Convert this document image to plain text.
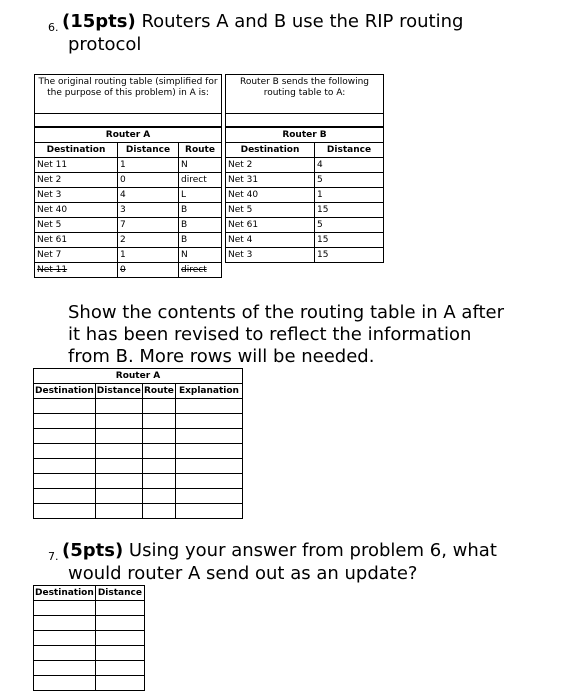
6. (15pts) Routers A and B use the RIP routing
protocol
The original routing table (simplified for the purpose of this problem) in A is:
Router B sends the following routing table to A:
Router A		
Destination	Distance	Route
Net 11	1	N
Net 2	0	direct
Net 3	4	L
Net 40	3	B
Net 5	7	B
Net 61	2	B
Net 7	1	N
Net 11	0	direct
Router B	
Destination	Distance
Net 2	4
Net 31	5
Net 40	1
Net 5	15
Net 61	5
Net 4	15
Net 3	15

Show the contents of the routing table in A after
it has been revised to reflect the information
from B. More rows will be needed.
Router A			
Destination	Distance	Route	Explanation

7. (5pts) Using your answer from problem 6, what
would router A send out as an update?
Destination	Distance
